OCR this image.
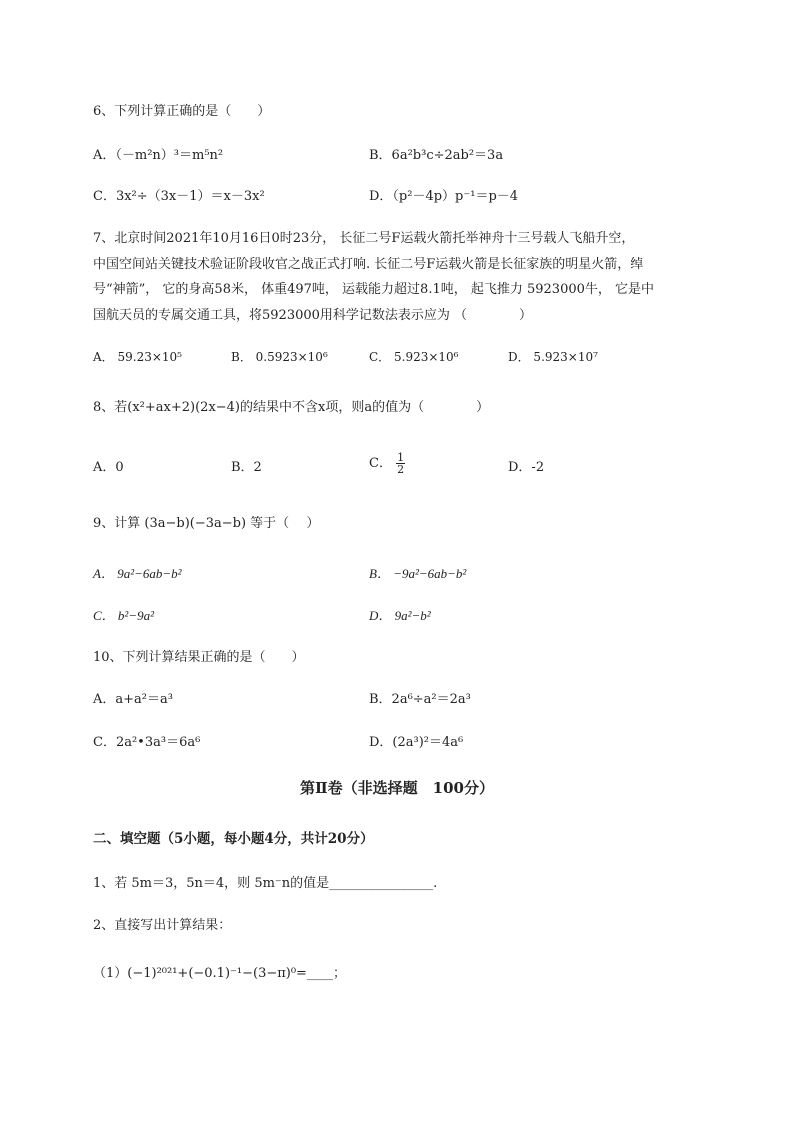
6、下列计算正确的是（　　）
A．（－m²n）³＝m⁵n²	B．6a²b³c÷2ab²＝3a
C．3x²÷（3x－1）＝x－3x²	D．（p²－4p）p⁻¹＝p－4
7、北京时间2021年10月16日0时23分， 长征二号F运载火箭托举神舟十三号载人飞船升空，
中国空间站关键技术验证阶段收官之战正式打响. 长征二号F运载火箭是长征家族的明星火箭，绰
号“神箭”， 它的身高58米， 体重497吨， 运载能力超过8.1吨， 起飞推力 5923000牛， 它是中
国航天员的专属交通工具，将5923000用科学记数法表示应为 （　　　　）
A． 59.23×10⁵	B． 0.5923×10⁶	C． 5.923×10⁶	D． 5.923×10⁷
8、若(x²+ax+2)(2x−4)的结果中不含x项，则a的值为（　　　　）
A．0	B．2	C． $\frac{1}{2}$	D．-2
9、计算 (3a−b)(−3a−b) 等于（　 ）
A． 9a²−6ab−b²	B． −9a²−6ab−b²
C． b²−9a²	D． 9a²−b²
10、下列计算结果正确的是（　　）
A．a+a²＝a³	B．2a⁶÷a²＝2a³
C．2a²•3a³＝6a⁶	D．(2a³)²＝4a⁶
第Ⅱ卷（非选择题　100分）
二、填空题（5小题，每小题4分，共计20分）
1、若 5m＝3，5n＝4，则 5m⁻n的值是________________.
2、直接写出计算结果：
（1）(−1)²⁰²¹+(−0.1)⁻¹−(3−π)⁰=____；
